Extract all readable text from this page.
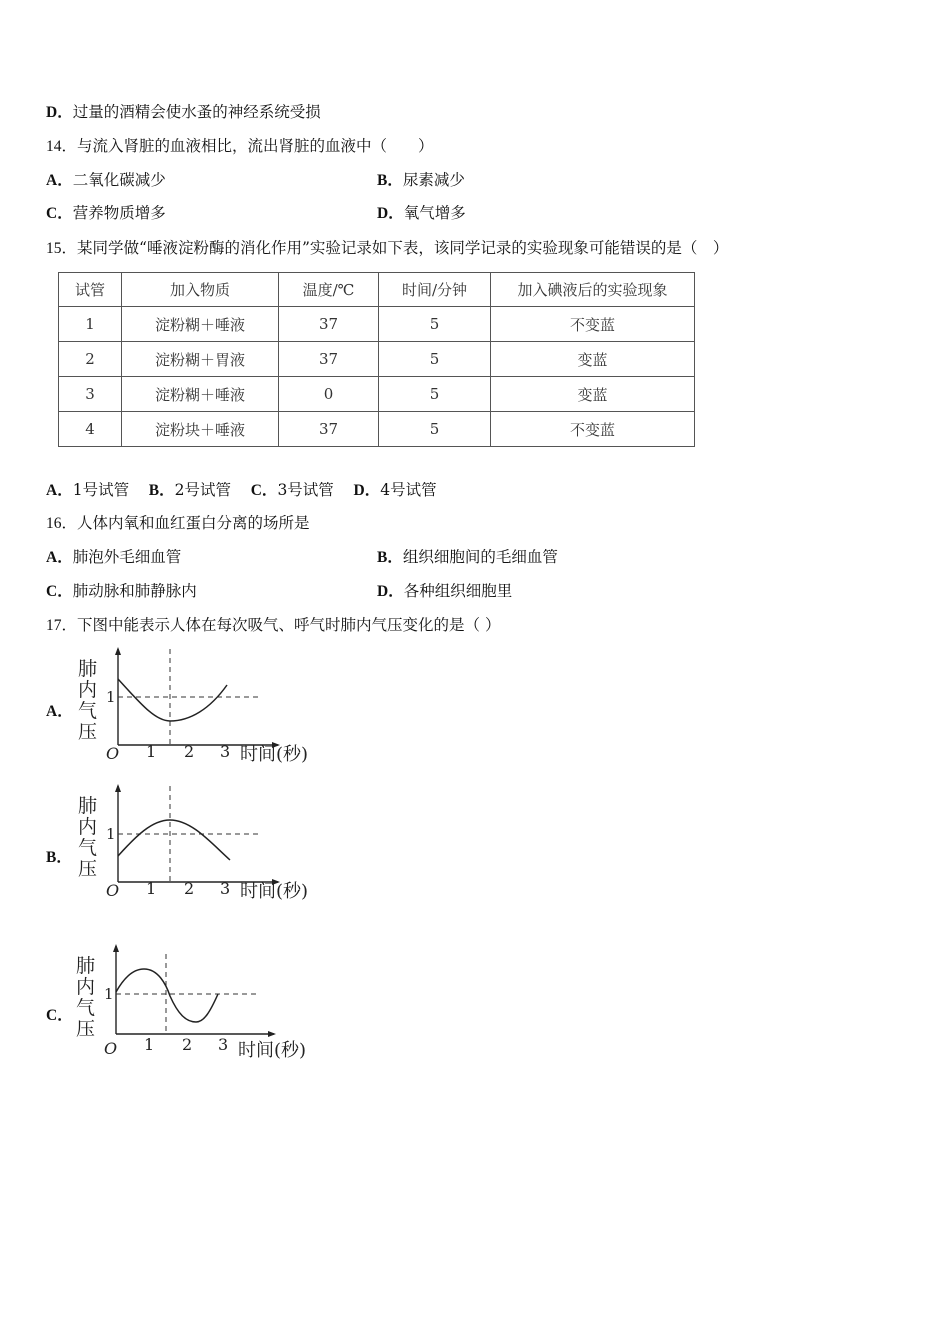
D．过量的酒精会使水蚤的神经系统受损
14．与流入肾脏的血液相比，流出肾脏的血液中（　　）
A．二氧化碳减少	B．尿素减少
C．营养物质增多	D．氧气增多
15．某同学做“唾液淀粉酶的消化作用”实验记录如下表，该同学记录的实验现象可能错误的是（　）
试管	加入物质	温度/℃	时间/分钟	加入碘液后的实验现象
1	淀粉糊＋唾液	37	5	不变蓝
2	淀粉糊＋胃液	37	5	变蓝
3	淀粉糊＋唾液	0	5	变蓝
4	淀粉块＋唾液	37	5	不变蓝
A．1号试管 B．2号试管 C．3号试管 D．4号试管
16．人体内氧和血红蛋白分离的场所是
A．肺泡外毛细血管	B．组织细胞间的毛细血管
C．肺动脉和肺静脉内	D．各种组织细胞里
17．下图中能表示人体在每次吸气、呼气时肺内气压变化的是（ ）
A．
肺
内
气
压
1
O 1 2 3 时间(秒)
B．
肺
内
气
压
1
O 1 2 3 时间(秒)
C．
肺
内
气
压
1
O 1 2 3 时间(秒)
